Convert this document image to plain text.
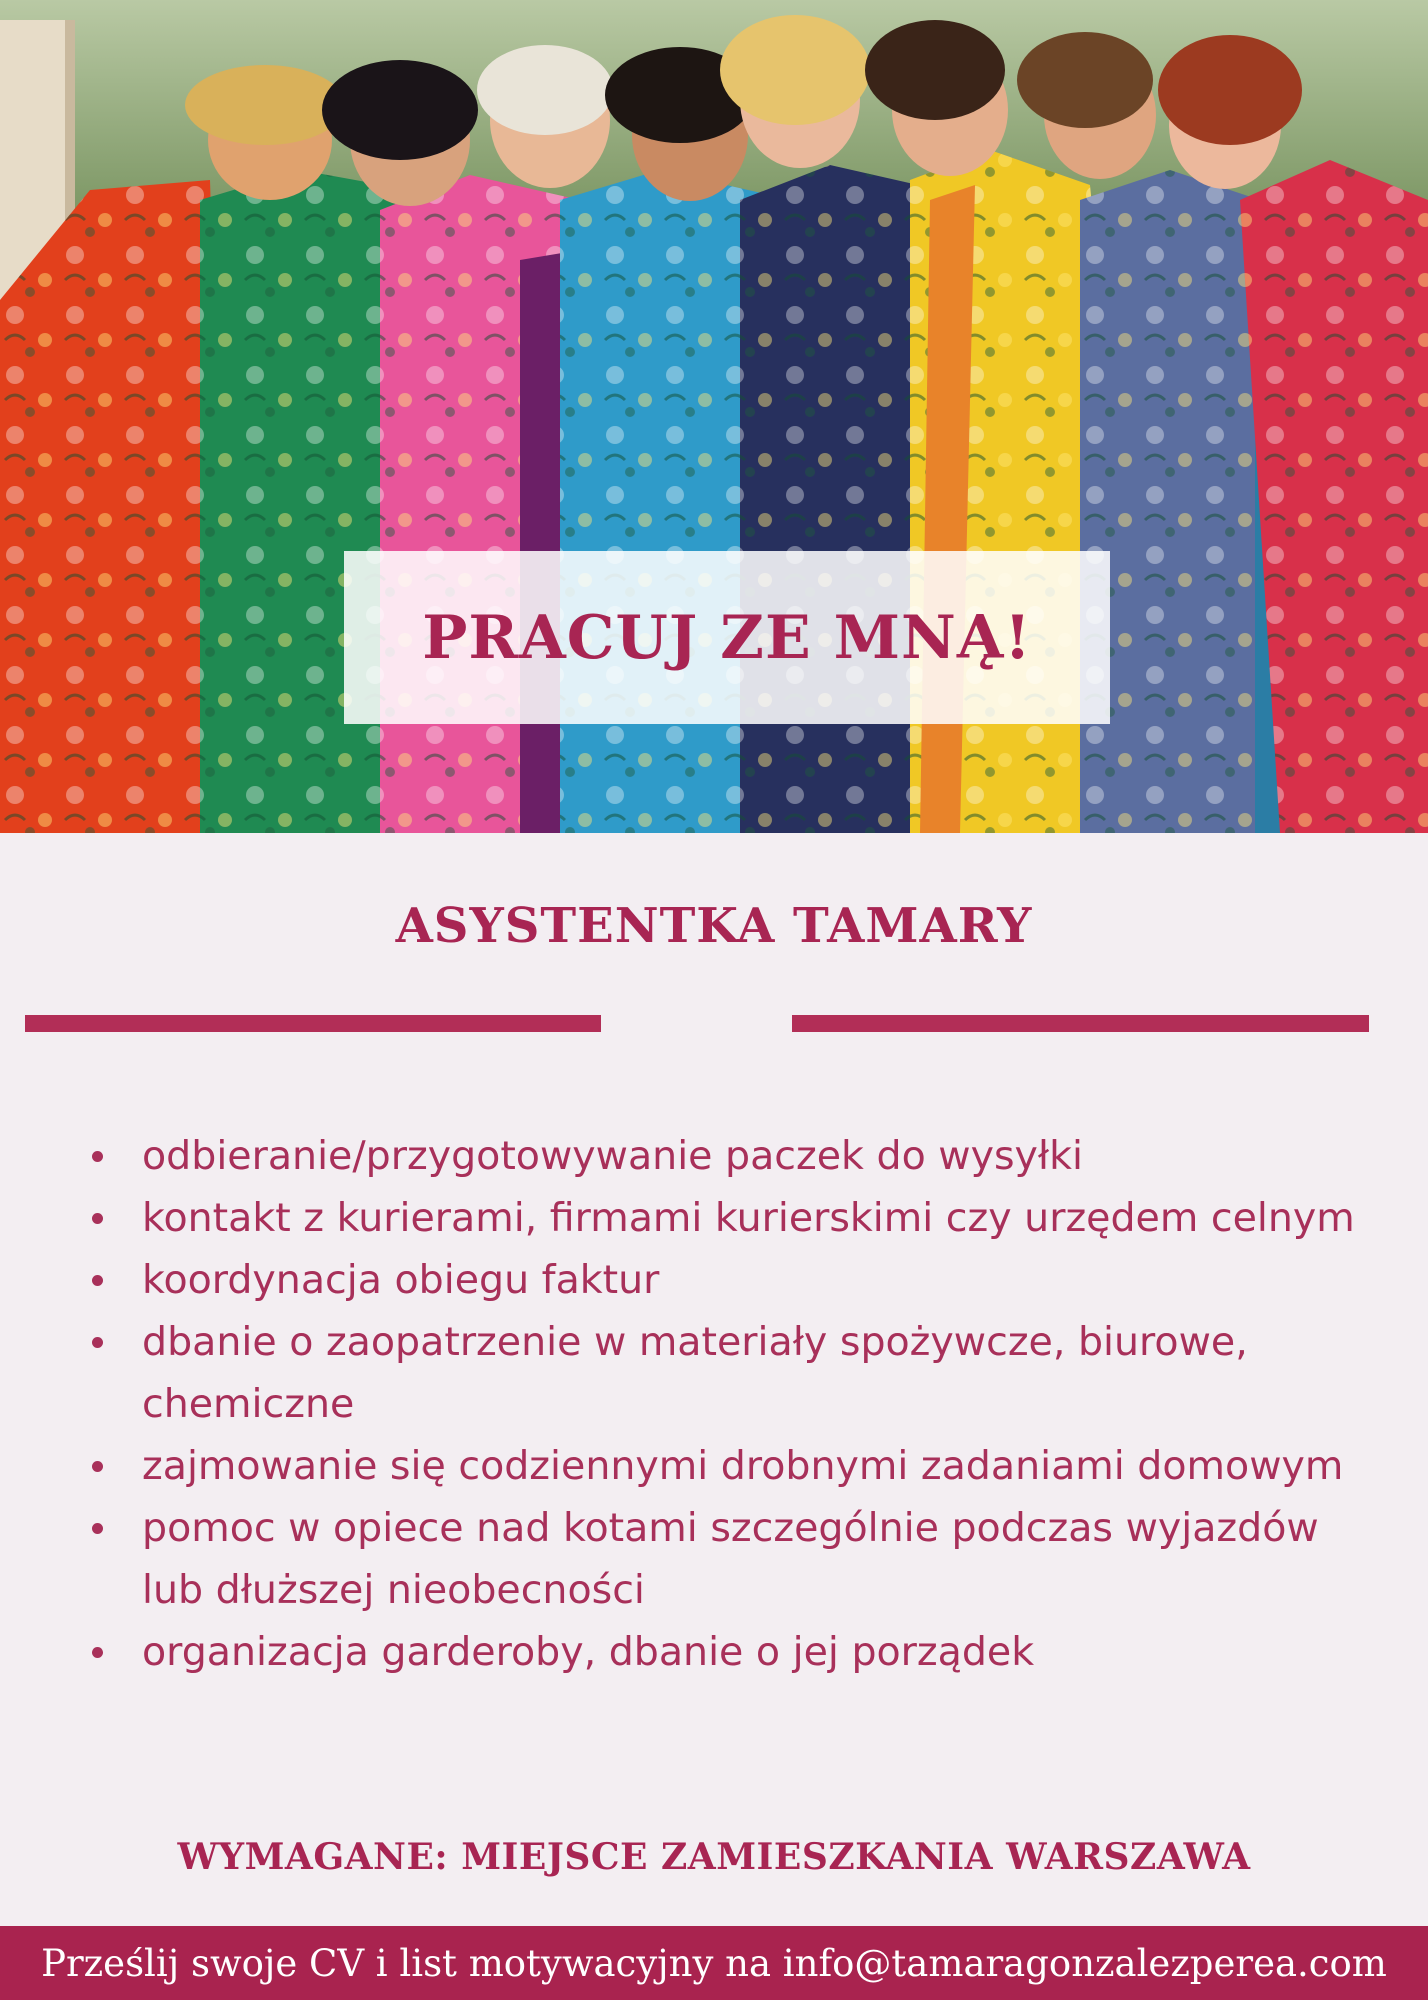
PRACUJ ZE MNĄ!
ASYSTENTKA TAMARY
odbieranie/przygotowywanie paczek do wysyłki
kontakt z kurierami, firmami kurierskimi czy urzędem celnym
koordynacja obiegu faktur
dbanie o zaopatrzenie w materiały spożywcze, biurowe, chemiczne
zajmowanie się codziennymi drobnymi zadaniami domowym
pomoc w opiece nad kotami szczególnie podczas wyjazdów lub dłuższej nieobecności
organizacja garderoby, dbanie o jej porządek
WYMAGANE: MIEJSCE ZAMIESZKANIA WARSZAWA
Prześlij swoje CV i list motywacyjny na info@tamaragonzalezperea.com
